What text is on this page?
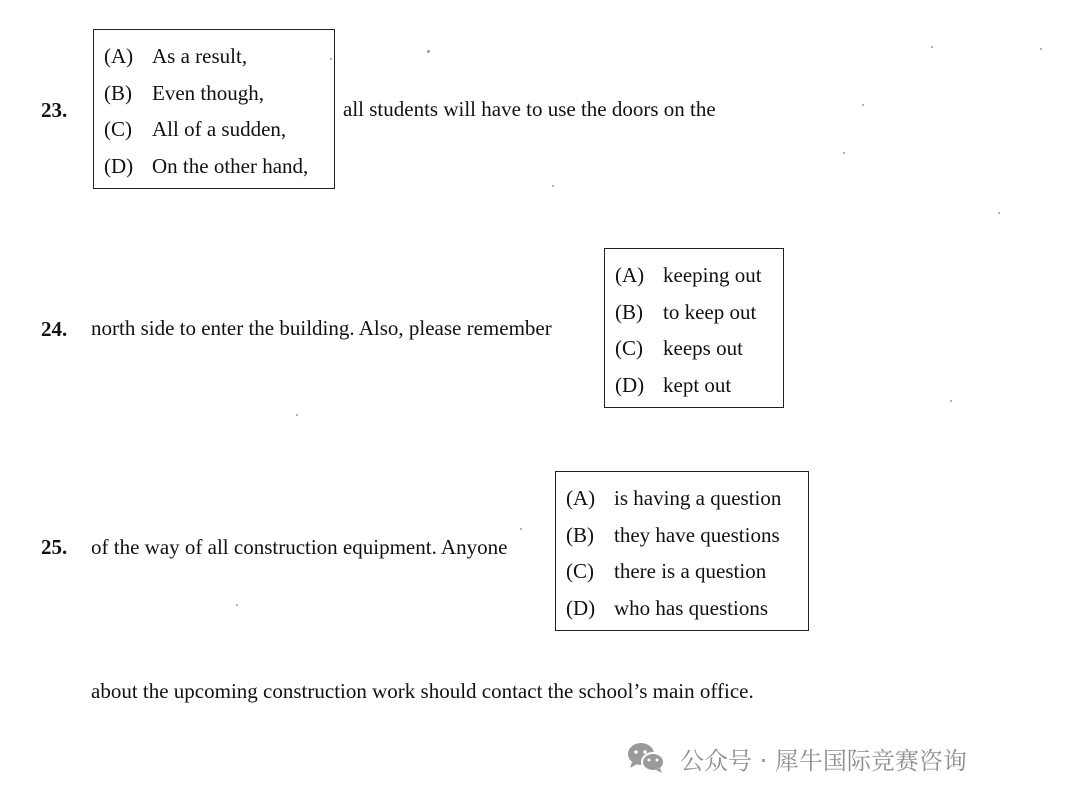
23.
(A) As a result,
(B) Even though,
(C) All of a sudden,
(D) On the other hand,
all students will have to use the doors on the
24. north side to enter the building. Also, please remember
(A) keeping out
(B) to keep out
(C) keeps out
(D) kept out
25. of the way of all construction equipment. Anyone
(A) is having a question
(B) they have questions
(C) there is a question
(D) who has questions
about the upcoming construction work should contact the school’s main office.
公众号 · 犀牛国际竞赛咨询
